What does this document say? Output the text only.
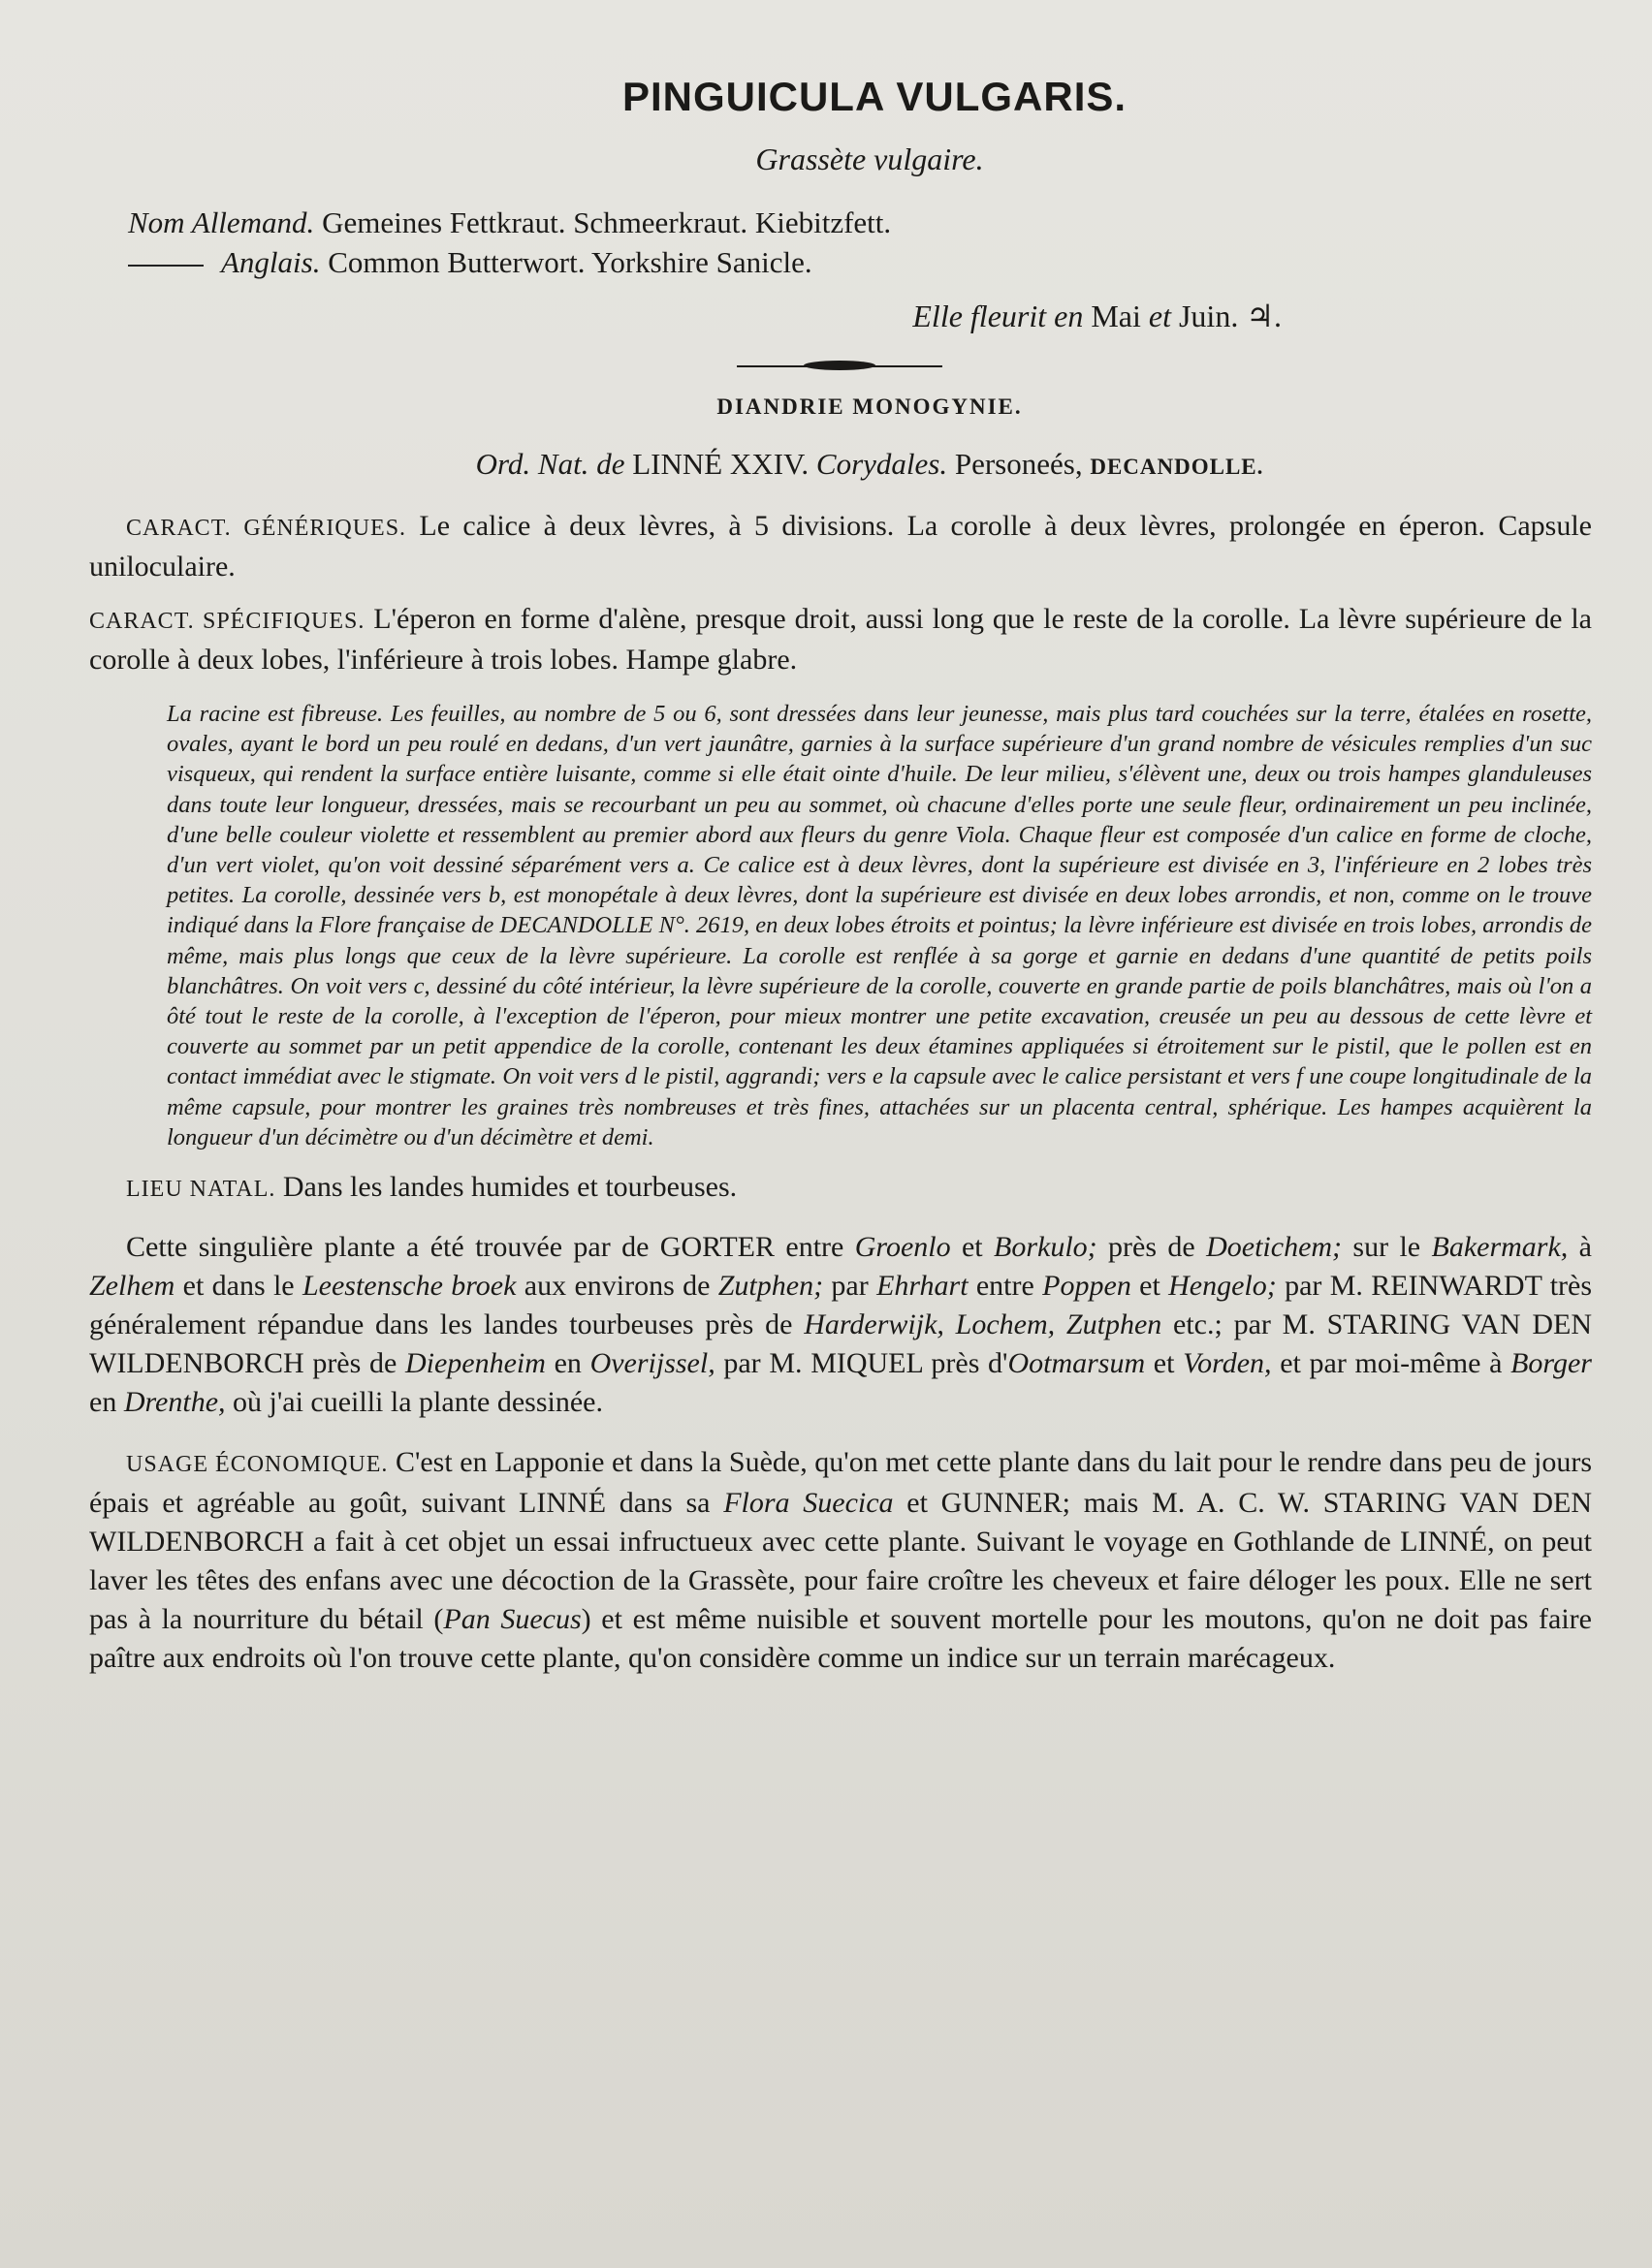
PINGUICULA VULGARIS.
Grassète vulgaire.
Nom Allemand. Gemeines Fettkraut. Schmeerkraut. Kiebitzfett.
Anglais. Common Butterwort. Yorkshire Sanicle.
Elle fleurit en Mai et Juin. ♃.
DIANDRIE MONOGYNIE.
Ord. Nat. de LINNÉ XXIV. Corydales. Personeés, DECANDOLLE.

CARACT. GÉNÉRIQUES. Le calice à deux lèvres, à 5 divisions. La corolle à deux lèvres, prolongée en éperon. Capsule uniloculaire.

CARACT. SPÉCIFIQUES. L'éperon en forme d'alène, presque droit, aussi long que le reste de la corolle. La lèvre supérieure de la corolle à deux lobes, l'inférieure à trois lobes. Hampe glabre.

La racine est fibreuse. Les feuilles, au nombre de 5 ou 6, sont dressées dans leur jeunesse, mais plus tard couchées sur la terre, étalées en rosette, ovales, ayant le bord un peu roulé en dedans, d'un vert jaunâtre, garnies à la surface supérieure d'un grand nombre de vésicules remplies d'un suc visqueux, qui rendent la surface entière luisante, comme si elle était ointe d'huile. De leur milieu, s'élèvent une, deux ou trois hampes glanduleuses dans toute leur longueur, dressées, mais se recourbant un peu au sommet, où chacune d'elles porte une seule fleur, ordinairement un peu inclinée, d'une belle couleur violette et ressemblent au premier abord aux fleurs du genre Viola. Chaque fleur est composée d'un calice en forme de cloche, d'un vert violet, qu'on voit dessiné séparément vers a. Ce calice est à deux lèvres, dont la supérieure est divisée en 3, l'inférieure en 2 lobes très petites. La corolle, dessinée vers b, est monopétale à deux lèvres, dont la supérieure est divisée en deux lobes arrondis, et non, comme on le trouve indiqué dans la Flore française de DECANDOLLE N°. 2619, en deux lobes étroits et pointus; la lèvre inférieure est divisée en trois lobes, arrondis de même, mais plus longs que ceux de la lèvre supérieure. La corolle est renflée à sa gorge et garnie en dedans d'une quantité de petits poils blanchâtres. On voit vers c, dessiné du côté intérieur, la lèvre supérieure de la corolle, couverte en grande partie de poils blanchâtres, mais où l'on a ôté tout le reste de la corolle, à l'exception de l'éperon, pour mieux montrer une petite excavation, creusée un peu au dessous de cette lèvre et couverte au sommet par un petit appendice de la corolle, contenant les deux étamines appliquées si étroitement sur le pistil, que le pollen est en contact immédiat avec le stigmate. On voit vers d le pistil, aggrandi; vers e la capsule avec le calice persistant et vers f une coupe longitudinale de la même capsule, pour montrer les graines très nombreuses et très fines, attachées sur un placenta central, sphérique. Les hampes acquièrent la longueur d'un décimètre ou d'un décimètre et demi.

LIEU NATAL. Dans les landes humides et tourbeuses.

Cette singulière plante a été trouvée par de GORTER entre Groenlo et Borkulo; près de Doetichem; sur le Bakermark, à Zelhem et dans le Leestensche broek aux environs de Zutphen; par Ehrhart entre Poppen et Hengelo; par M. REINWARDT très généralement répandue dans les landes tourbeuses près de Harderwijk, Lochem, Zutphen etc.; par M. STARING VAN DEN WILDENBORCH près de Diepenheim en Overijssel, par M. MIQUEL près d'Ootmarsum et Vorden, et par moi-même à Borger en Drenthe, où j'ai cueilli la plante dessinée.

USAGE ÉCONOMIQUE. C'est en Lapponie et dans la Suède, qu'on met cette plante dans du lait pour le rendre dans peu de jours épais et agréable au goût, suivant LINNÉ dans sa Flora Suecica et GUNNER; mais M. A. C. W. STARING VAN DEN WILDENBORCH a fait à cet objet un essai infructueux avec cette plante. Suivant le voyage en Gothlande de LINNÉ, on peut laver les têtes des enfans avec une décoction de la Grassète, pour faire croître les cheveux et faire déloger les poux. Elle ne sert pas à la nourriture du bétail (Pan Suecus) et est même nuisible et souvent mortelle pour les moutons, qu'on ne doit pas faire paître aux endroits où l'on trouve cette plante, qu'on considère comme un indice sur un terrain marécageux.
